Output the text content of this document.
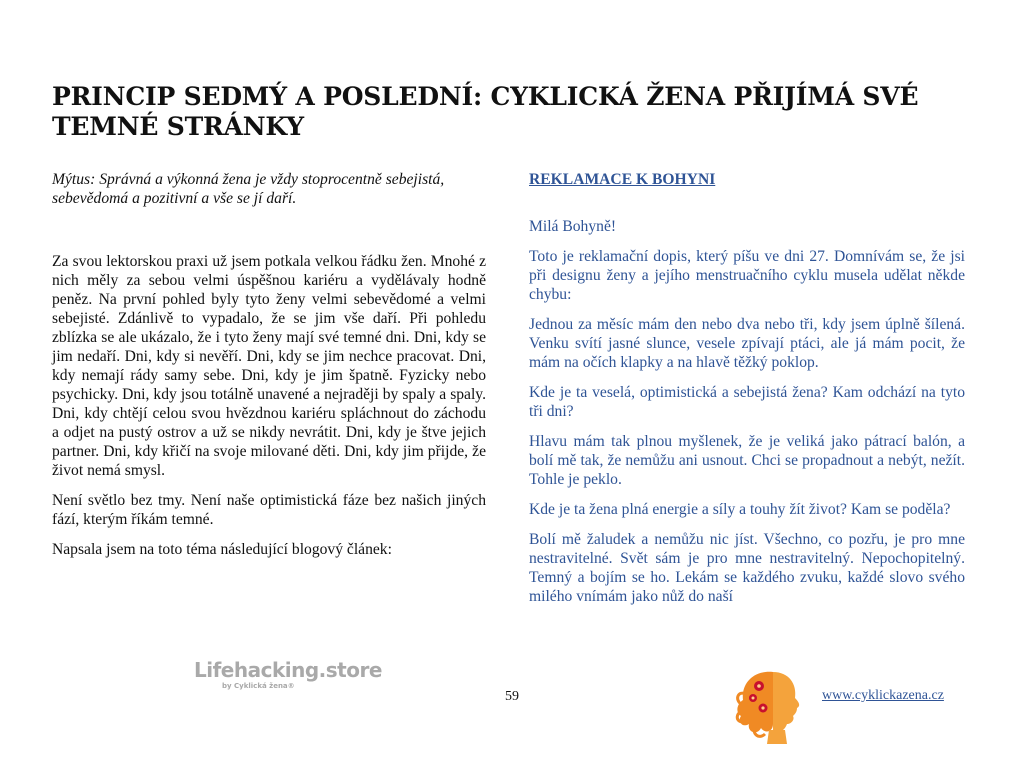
PRINCIP SEDMÝ A POSLEDNÍ: CYKLICKÁ ŽENA PŘIJÍMÁ SVÉ
TEMNÉ STRÁNKY

Mýtus: Správná a výkonná žena je vždy stoprocentně sebejistá, sebevědomá a pozitivní a vše se jí daří.

Za svou lektorskou praxi už jsem potkala velkou řádku žen. Mnohé z nich měly za sebou velmi úspěšnou kariéru a vydělávaly hodně peněz. Na první pohled byly tyto ženy velmi sebevědomé a velmi sebejisté. Zdánlivě to vypadalo, že se jim vše daří. Při pohledu zblízka se ale ukázalo, že i tyto ženy mají své temné dni. Dni, kdy se jim nedaří. Dni, kdy si nevěří. Dni, kdy se jim nechce pracovat. Dni, kdy nemají rády samy sebe. Dni, kdy je jim špatně. Fyzicky nebo psychicky. Dni, kdy jsou totálně unavené a nejraději by spaly a spaly. Dni, kdy chtějí celou svou hvězdnou kariéru spláchnout do záchodu a odjet na pustý ostrov a už se nikdy nevrátit. Dni, kdy je štve jejich partner. Dni, kdy křičí na svoje milované děti. Dni, kdy jim přijde, že život nemá smysl.

Není světlo bez tmy. Není naše optimistická fáze bez našich jiných fází, kterým říkám temné.

Napsala jsem na toto téma následující blogový článek:

REKLAMACE K BOHYNI

Milá Bohyně!

Toto je reklamační dopis, který píšu ve dni 27. Domnívám se, že jsi při designu ženy a jejího menstruačního cyklu musela udělat někde chybu:

Jednou za měsíc mám den nebo dva nebo tři, kdy jsem úplně šílená. Venku svítí jasné slunce, vesele zpívají ptáci, ale já mám pocit, že mám na očích klapky a na hlavě těžký poklop.

Kde je ta veselá, optimistická a sebejistá žena? Kam odchází na tyto tři dni?

Hlavu mám tak plnou myšlenek, že je veliká jako pátrací balón, a bolí mě tak, že nemůžu ani usnout. Chci se propadnout a nebýt, nežít. Tohle je peklo.

Kde je ta žena plná energie a síly a touhy žít život? Kam se poděla?

Bolí mě žaludek a nemůžu nic jíst. Všechno, co pozřu, je pro mne nestravitelné. Svět sám je pro mne nestravitelný. Nepochopitelný. Temný a bojím se ho. Lekám se každého zvuku, každé slovo svého milého vnímám jako nůž do naší

Lifehacking.store
by Cyklická žena®
59	www.cyklickazena.cz
